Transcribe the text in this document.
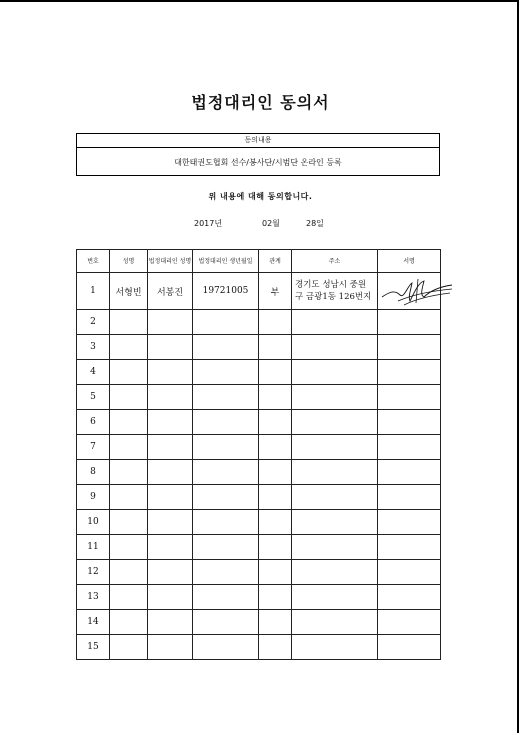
법정대리인 동의서
동의내용
대한태권도협회 선수/봉사단/시범단 온라인 등록
위 내용에 대해 동의합니다.
2017년	02월	28일
번호	성명	법정대리인 성명	법정대리인 생년월일	관계	주소	서명
1	서형빈	서봉진	19721005	부	경기도 성남시 중원구 금광1동 126번지	

2						
3						
4						
5						
6						
7						
8						
9						
10						
11						
12						
13						
14						
15						
